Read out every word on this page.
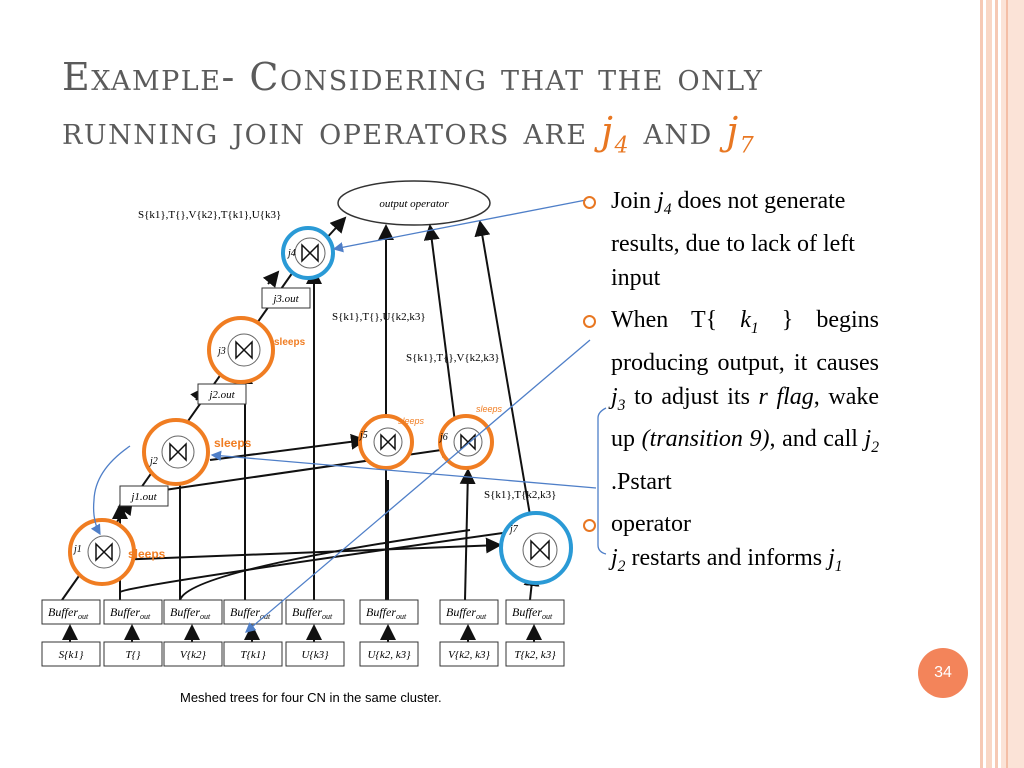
Example- Considering that the only
running join operators are $j_4$ and $j_7$
output operator
S{k1},T{},V{k2},T{k1},U{k3}
S{k1},T{},U{k2,k3}
S{k1},T{},V{k2,k3}
S{k1},T{k2,k3}
j3.out
j2.out
j1.out
j4
j3
sleeps
j2
sleeps
j1	sleeps
j5
sleeps
j6
sleeps
j7
Buffer$_{out}$ Buffer$_{out}$ Buffer$_{out}$ Buffer$_{out}$ Buffer$_{out}$	Buffer$_{out}$	Buffer$_{out}$ Buffer$_{out}$
S{k1}	T{}	V{k2}	T{k1}	U{k3}	U{k2, k3}	V{k2, k3} T{k2, k3}
Meshed trees for four CN in the same cluster.
Join $j_4$ does not generate results, due to lack of left input
When T{ $k_1$ } begins producing output, it causes $j_3$ to adjust its r flag, wake up (transition 9), and call $j_2$ .Pstart
operator
$j_2$ restarts and informs $j_1$
34
